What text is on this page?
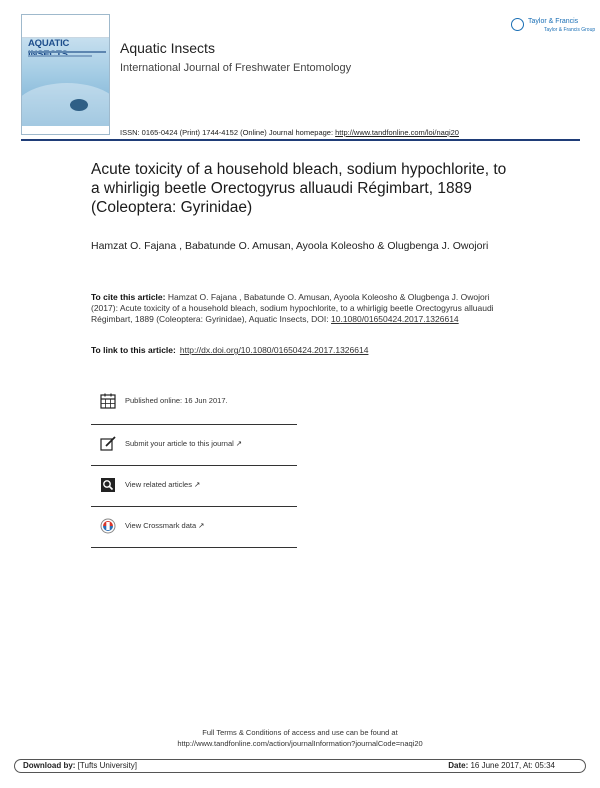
AQUATIC	Aquatic Insects
International Journal of Freshwater Entomology
ISSN: 0165-0424 (Print) 1744-4152 (Online) Journal homepage: http://www.tandfonline.com/loi/naqi20
Taylor & Francis
Taylor & Francis Group
Acute toxicity of a household bleach, sodium hypochlorite, to a whirligig beetle Orectogyrus alluaudi Régimbart, 1889 (Coleoptera: Gyrinidae)
Hamzat O. Fajana , Babatunde O. Amusan, Ayoola Koleosho & Olugbenga J. Owojori
To cite this article: Hamzat O. Fajana , Babatunde O. Amusan, Ayoola Koleosho & Olugbenga J. Owojori (2017): Acute toxicity of a household bleach, sodium hypochlorite, to a whirligig beetle Orectogyrus alluaudi Régimbart, 1889 (Coleoptera: Gyrinidae), Aquatic Insects, DOI: 10.1080/01650424.2017.1326614
To link to this article: http://dx.doi.org/10.1080/01650424.2017.1326614
Published online: 16 Jun 2017.
Submit your article to this journal ↗
View related articles ↗
View Crossmark data ↗
Full Terms & Conditions of access and use can be found at
http://www.tandfonline.com/action/journalInformation?journalCode=naqi20
Download by: [Tufts University]	Date: 16 June 2017, At: 05:34
